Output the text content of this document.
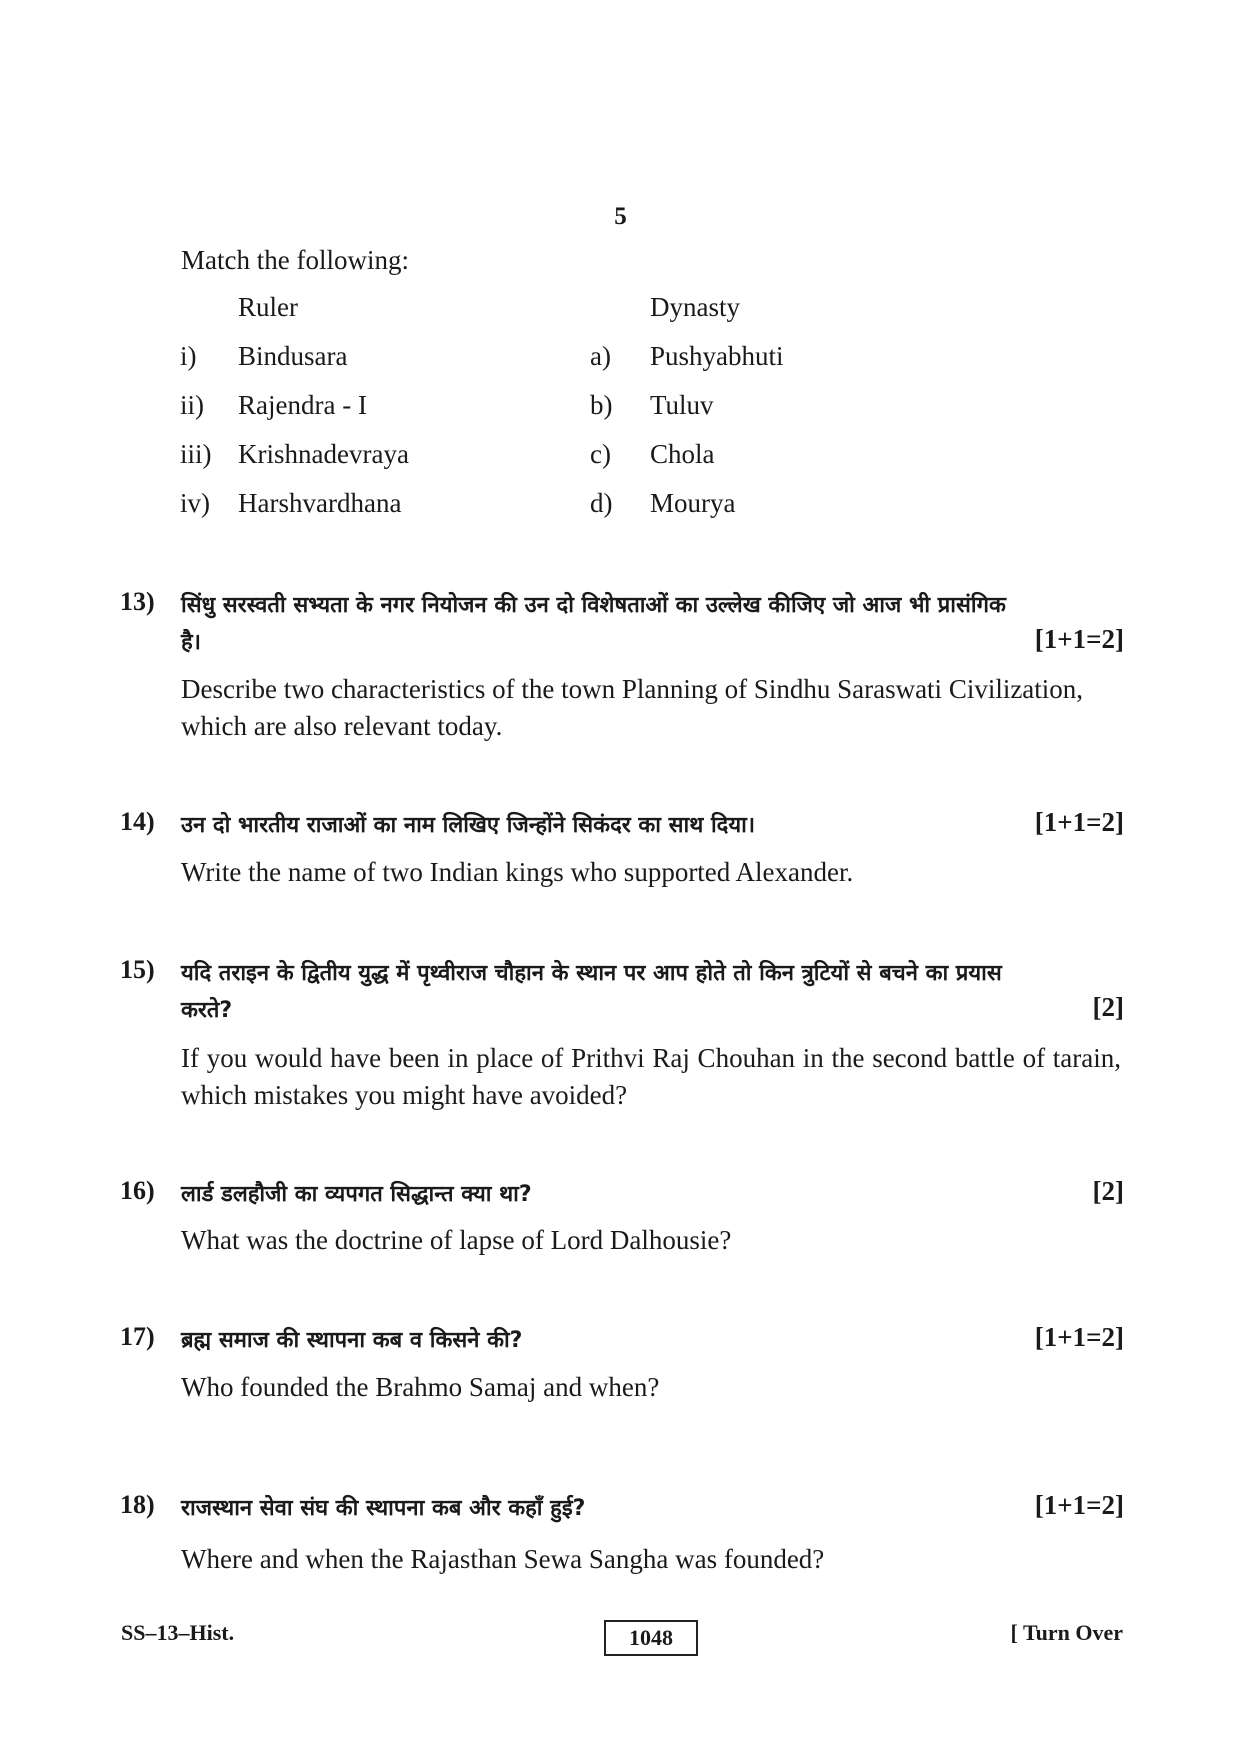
5
Match the following:
Ruler	Dynasty
i) Bindusara	a) Pushyabhuti
ii) Rajendra - I	b) Tuluv
iii) Krishnadevraya	c) Chola
iv) Harshvardhana	d) Mourya
13)	सिंधु सरस्वती सभ्यता के नगर नियोजन की उन दो विशेषताओं का उल्लेख कीजिए जो आज भी प्रासंगिक
है।	[1+1=2]
Describe two characteristics of the town Planning of Sindhu Saraswati Civilization, which are also relevant today.
14)	उन दो भारतीय राजाओं का नाम लिखिए जिन्होंने सिकंदर का साथ दिया।	[1+1=2]
Write the name of two Indian kings who supported Alexander.
15)	यदि तराइन के द्वितीय युद्ध में पृथ्वीराज चौहान के स्थान पर आप होते तो किन त्रुटियों से बचने का प्रयास
करते?	[2]
If you would have been in place of Prithvi Raj Chouhan in the second battle of tarain, which mistakes you might have avoided?
16)	लार्ड डलहौजी का व्यपगत सिद्धान्त क्या था?	[2]
What was the doctrine of lapse of Lord Dalhousie?
17)	ब्रह्म समाज की स्थापना कब व किसने की?	[1+1=2]
Who founded the Brahmo Samaj and when?
18)	राजस्थान सेवा संघ की स्थापना कब और कहाँ हुई?	[1+1=2]
Where and when the Rajasthan Sewa Sangha was founded?
SS–13–Hist.	1048	[ Turn Over
